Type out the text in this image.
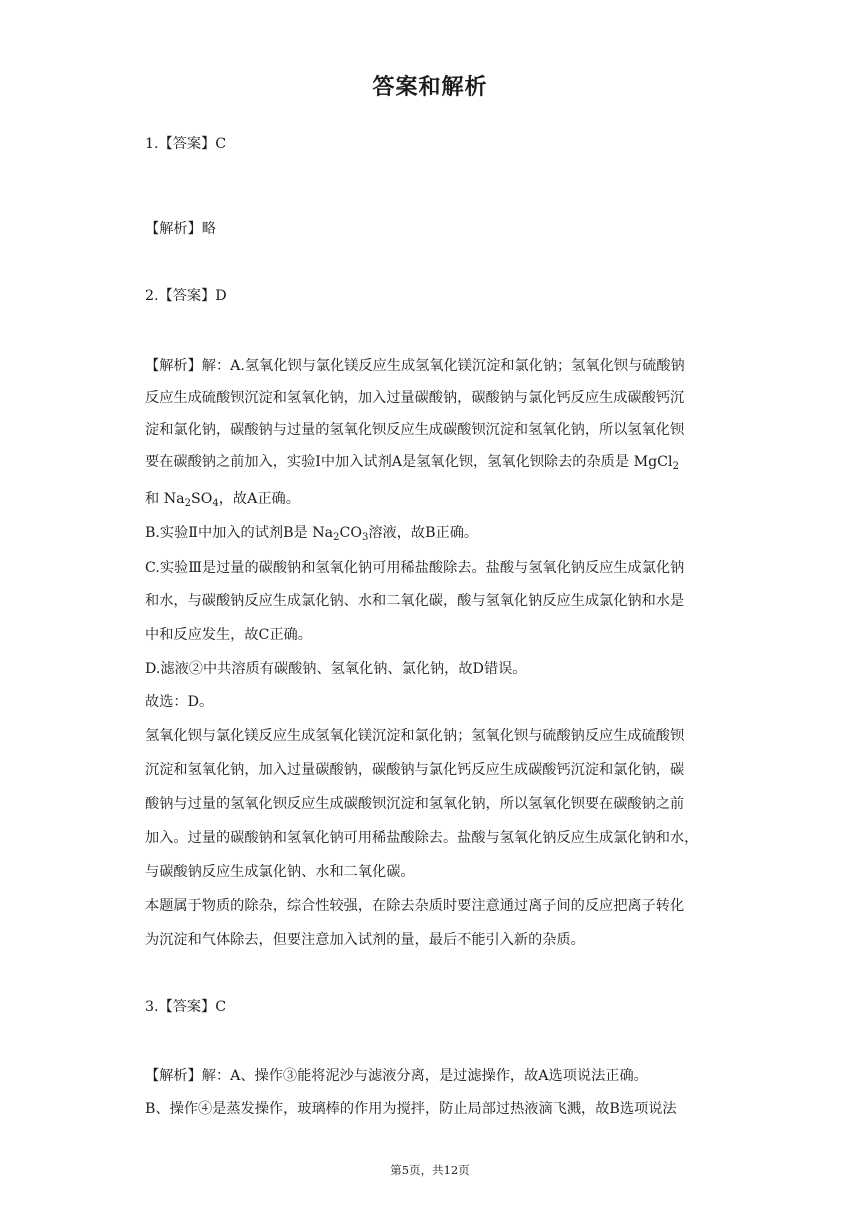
答案和解析
1.【答案】C
【解析】略
2.【答案】D
【解析】解：A.氢氧化钡与氯化镁反应生成氢氧化镁沉淀和氯化钠；氢氧化钡与硫酸钠
反应生成硫酸钡沉淀和氢氧化钠，加入过量碳酸钠，碳酸钠与氯化钙反应生成碳酸钙沉
淀和氯化钠，碳酸钠与过量的氢氧化钡反应生成碳酸钡沉淀和氢氧化钠，所以氢氧化钡
要在碳酸钠之前加入，实验Ⅰ中加入试剂A是氢氧化钡，氢氧化钡除去的杂质是 MgCl$_2$
和 $Na_2SO_4$，故A正确。
B.实验Ⅱ中加入的试剂B是 $Na_2CO_3$溶液，故B正确。
C.实验Ⅲ是过量的碳酸钠和氢氧化钠可用稀盐酸除去。盐酸与氢氧化钠反应生成氯化钠
和水，与碳酸钠反应生成氯化钠、水和二氧化碳，酸与氢氧化钠反应生成氯化钠和水是
中和反应发生，故C正确。
D.滤液②中共溶质有碳酸钠、氢氧化钠、氯化钠，故D错误。
故选：D。
氢氧化钡与氯化镁反应生成氢氧化镁沉淀和氯化钠；氢氧化钡与硫酸钠反应生成硫酸钡
沉淀和氢氧化钠，加入过量碳酸钠，碳酸钠与氯化钙反应生成碳酸钙沉淀和氯化钠，碳
酸钠与过量的氢氧化钡反应生成碳酸钡沉淀和氢氧化钠，所以氢氧化钡要在碳酸钠之前
加入。过量的碳酸钠和氢氧化钠可用稀盐酸除去。盐酸与氢氧化钠反应生成氯化钠和水，
与碳酸钠反应生成氯化钠、水和二氧化碳。
本题属于物质的除杂，综合性较强，在除去杂质时要注意通过离子间的反应把离子转化
为沉淀和气体除去，但要注意加入试剂的量，最后不能引入新的杂质。
3.【答案】C
【解析】解：A、操作③能将泥沙与滤液分离，是过滤操作，故A选项说法正确。
B、操作④是蒸发操作，玻璃棒的作用为搅拌，防止局部过热液滴飞溅，故B选项说法
第5页，共12页
